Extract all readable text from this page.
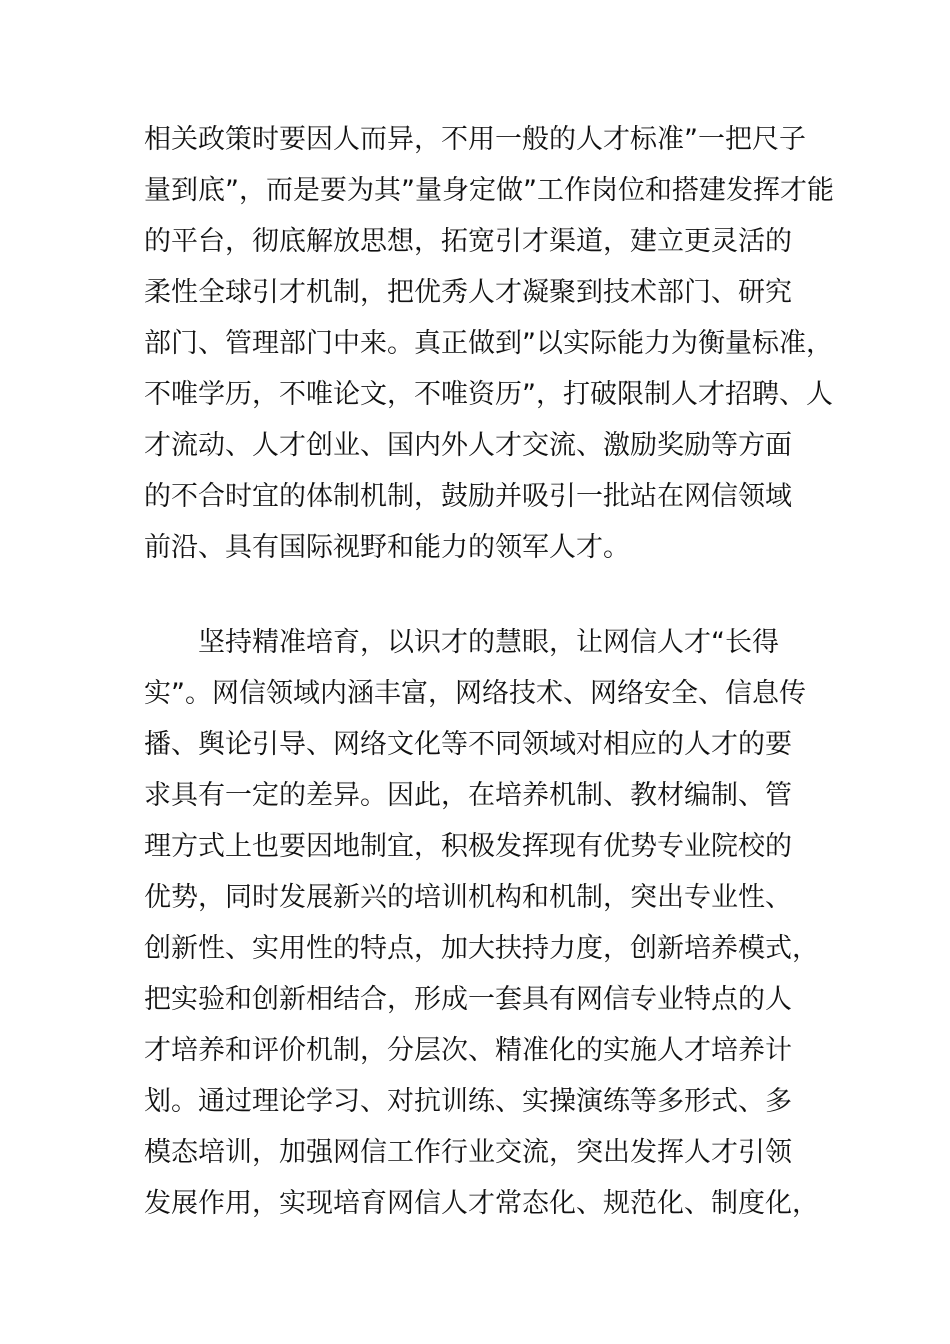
相关政策时要因人而异，不用一般的人才标准”一把尺子
量到底”，而是要为其”量身定做”工作岗位和搭建发挥才能
的平台，彻底解放思想，拓宽引才渠道，建立更灵活的
柔性全球引才机制，把优秀人才凝聚到技术部门、研究
部门、管理部门中来。真正做到”以实际能力为衡量标准，
不唯学历，不唯论文，不唯资历”，打破限制人才招聘、人
才流动、人才创业、国内外人才交流、激励奖励等方面
的不合时宜的体制机制，鼓励并吸引一批站在网信领域
前沿、具有国际视野和能力的领军人才。
坚持精准培育，以识才的慧眼，让网信人才“长得
实”。网信领域内涵丰富，网络技术、网络安全、信息传
播、舆论引导、网络文化等不同领域对相应的人才的要
求具有一定的差异。因此，在培养机制、教材编制、管
理方式上也要因地制宜，积极发挥现有优势专业院校的
优势，同时发展新兴的培训机构和机制，突出专业性、
创新性、实用性的特点，加大扶持力度，创新培养模式，
把实验和创新相结合，形成一套具有网信专业特点的人
才培养和评价机制，分层次、精准化的实施人才培养计
划。通过理论学习、对抗训练、实操演练等多形式、多
模态培训，加强网信工作行业交流，突出发挥人才引领
发展作用，实现培育网信人才常态化、规范化、制度化，
